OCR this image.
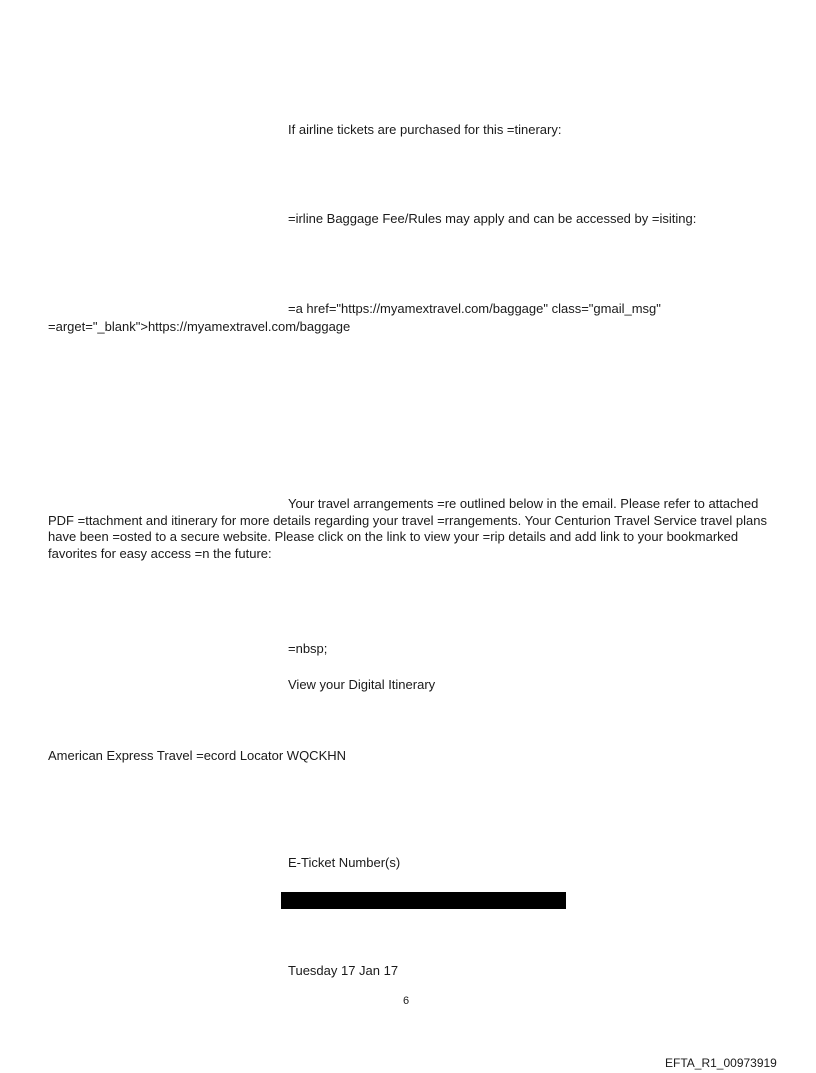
If airline tickets are purchased for this =tinerary:
=irline Baggage Fee/Rules may apply and can be accessed by =isiting:
=a href="https://myamextravel.com/baggage" class="gmail_msg"
=arget="_blank">https://myamextravel.com/baggage
Your travel arrangements =re outlined below in the email. Please refer to attached PDF =ttachment and itinerary for more details regarding your travel =rrangements. Your Centurion Travel Service travel plans have been =osted to a secure website. Please click on the link to view your =rip details and add link to your bookmarked favorites for easy access =n the future:
=nbsp;
View your Digital Itinerary
American Express Travel =ecord Locator WQCKHN
E-Ticket Number(s)
Tuesday 17 Jan 17
6
EFTA_R1_00973919
